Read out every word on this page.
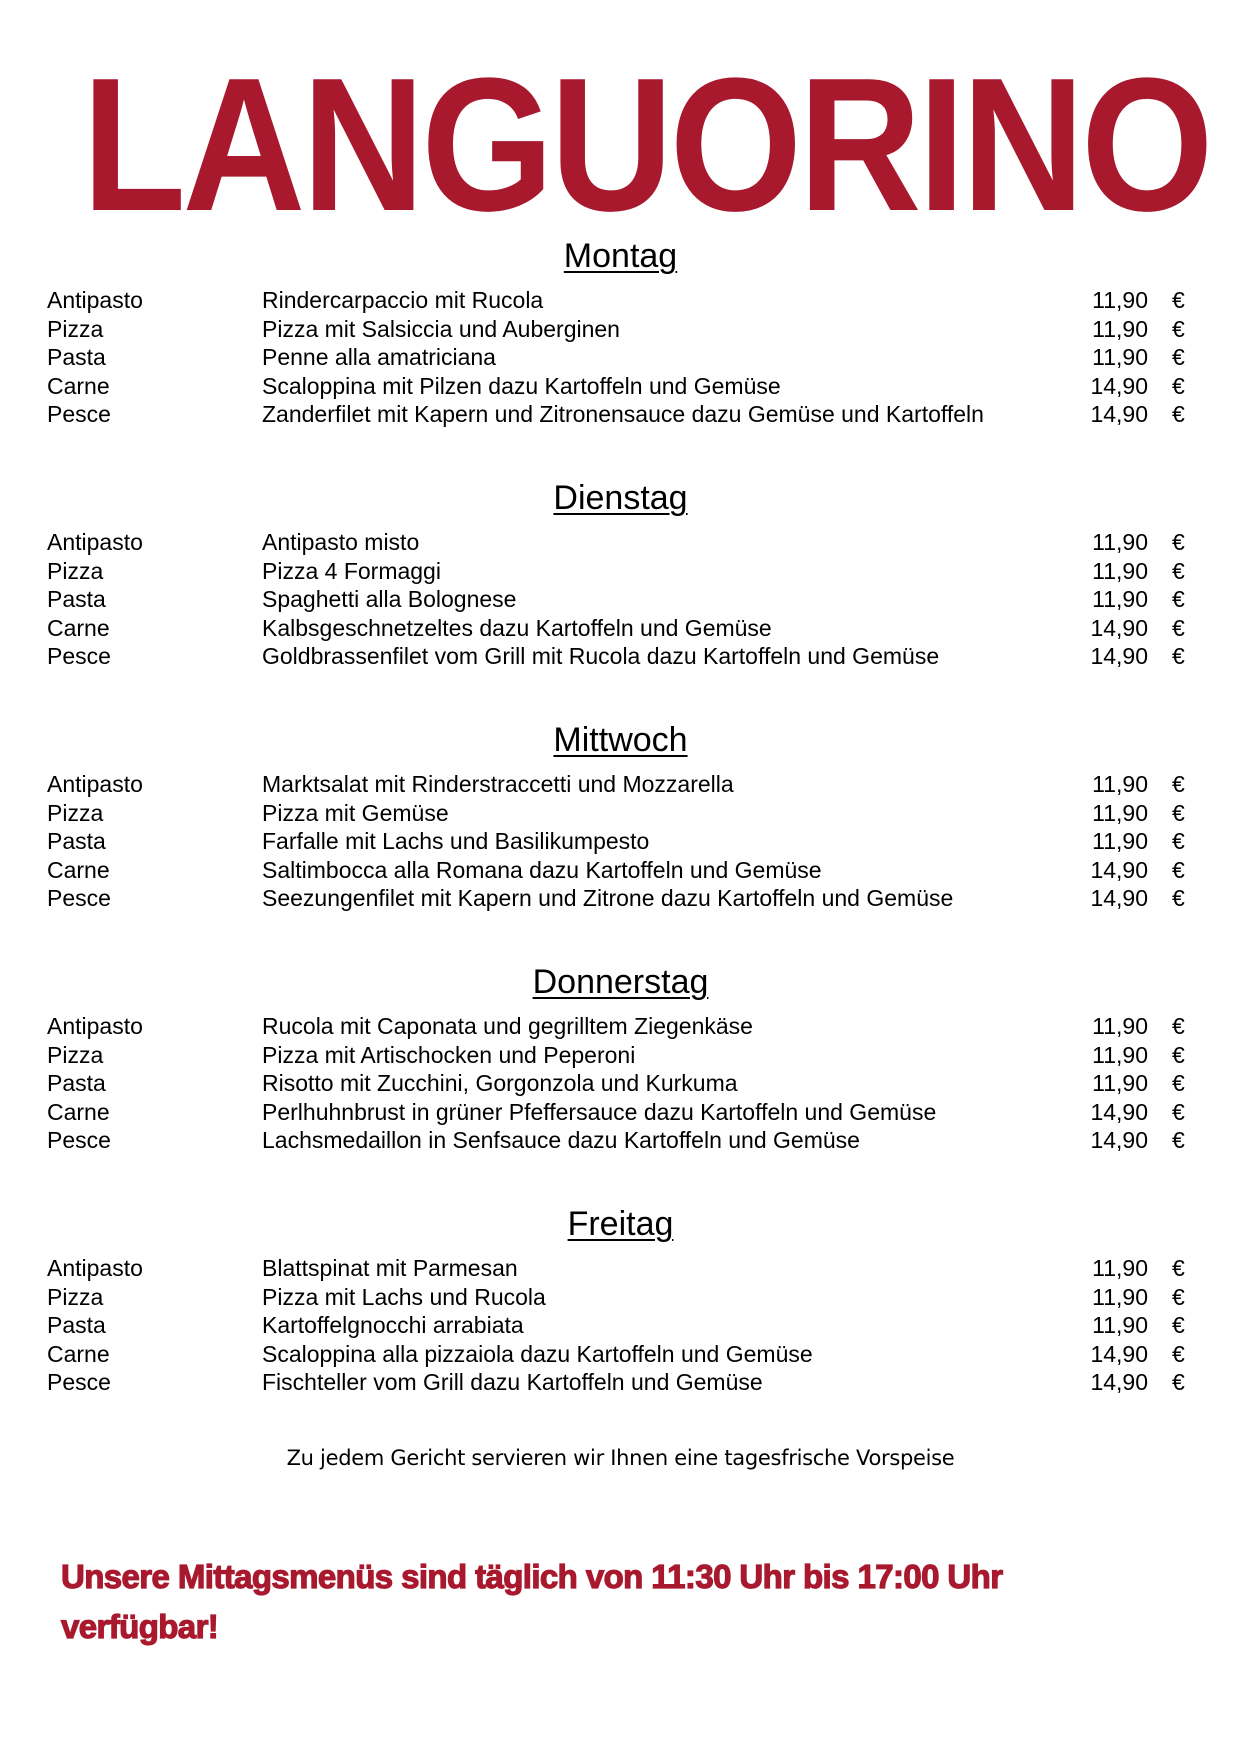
LANGUORINO
Montag
Antipasto	Rindercarpaccio mit Rucola	11,90 €
Pizza	Pizza mit Salsiccia und Auberginen	11,90 €
Pasta	Penne alla amatriciana	11,90 €
Carne	Scaloppina mit Pilzen dazu Kartoffeln und Gemüse	14,90 €
Pesce	Zanderfilet mit Kapern und Zitronensauce dazu Gemüse und Kartoffeln	14,90 €
Dienstag
Antipasto	Antipasto misto	11,90 €
Pizza	Pizza 4 Formaggi	11,90 €
Pasta	Spaghetti alla Bolognese	11,90 €
Carne	Kalbsgeschnetzeltes dazu Kartoffeln und Gemüse	14,90 €
Pesce	Goldbrassenfilet vom Grill mit Rucola dazu Kartoffeln und Gemüse	14,90 €
Mittwoch
Antipasto	Marktsalat mit Rinderstraccetti und Mozzarella	11,90 €
Pizza	Pizza mit Gemüse	11,90 €
Pasta	Farfalle mit Lachs und Basilikumpesto	11,90 €
Carne	Saltimbocca alla Romana dazu Kartoffeln und Gemüse	14,90 €
Pesce	Seezungenfilet mit Kapern und Zitrone dazu Kartoffeln und Gemüse	14,90 €
Donnerstag
Antipasto	Rucola mit Caponata und gegrilltem Ziegenkäse	11,90 €
Pizza	Pizza mit Artischocken und Peperoni	11,90 €
Pasta	Risotto mit Zucchini, Gorgonzola und Kurkuma	11,90 €
Carne	Perlhuhnbrust in grüner Pfeffersauce dazu Kartoffeln und Gemüse	14,90 €
Pesce	Lachsmedaillon in Senfsauce dazu Kartoffeln und Gemüse	14,90 €
Freitag
Antipasto	Blattspinat mit Parmesan	11,90 €
Pizza	Pizza mit Lachs und Rucola	11,90 €
Pasta	Kartoffelgnocchi arrabiata	11,90 €
Carne	Scaloppina alla pizzaiola dazu Kartoffeln und Gemüse	14,90 €
Pesce	Fischteller vom Grill dazu Kartoffeln und Gemüse	14,90 €
Zu jedem Gericht servieren wir Ihnen eine tagesfrische Vorspeise
Unsere Mittagsmenüs sind täglich von 11:30 Uhr bis 17:00 Uhr verfügbar!
